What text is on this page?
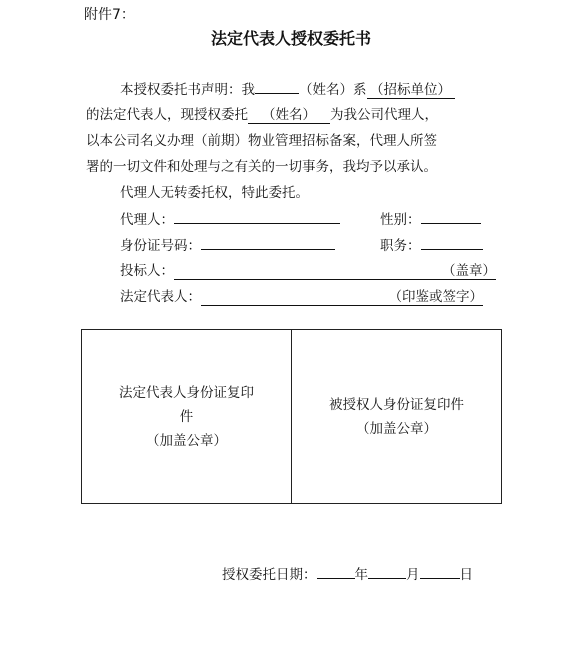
附件7：
法定代表人授权委托书
本授权委托书声明：我	（姓名）系 （招标单位）
的法定代表人，现授权委托 （姓名） 为我公司代理人，
以本公司名义办理（前期）物业管理招标备案，代理人所签
署的一切文件和处理与之有关的一切事务，我均予以承认。
代理人无转委托权，特此委托。
代理人：	性别：
身份证号码：	职务：
投标人：	（盖章）
法定代表人：	（印鉴或签字）
法定代表人身份证复印
件
（加盖公章）
被授权人身份证复印件
（加盖公章）
授权委托日期：	年	月	日
